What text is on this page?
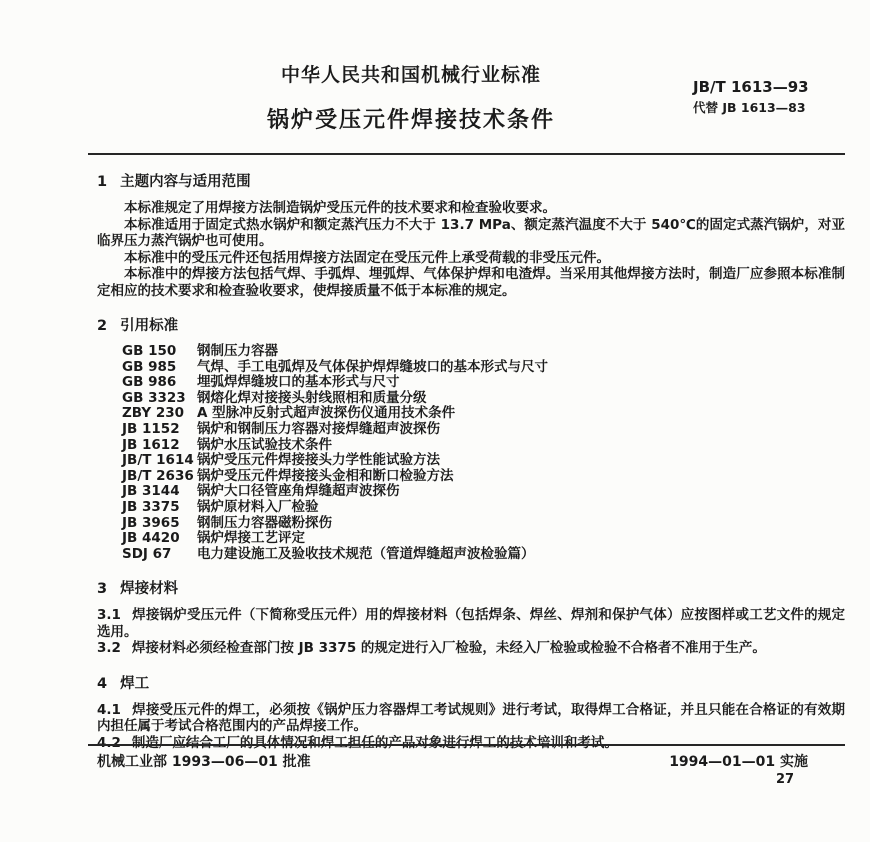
中华人民共和国机械行业标准
锅炉受压元件焊接技术条件
JB/T 1613—93
代替 JB 1613—83
1 主题内容与适用范围

本标准规定了用焊接方法制造锅炉受压元件的技术要求和检查验收要求。

本标准适用于固定式热水锅炉和额定蒸汽压力不大于 13.7 MPa、额定蒸汽温度不大于 540℃的固定式蒸汽锅炉，对亚临界压力蒸汽锅炉也可使用。

本标准中的受压元件还包括用焊接方法固定在受压元件上承受荷载的非受压元件。

本标准中的焊接方法包括气焊、手弧焊、埋弧焊、气体保护焊和电渣焊。当采用其他焊接方法时，制造厂应参照本标准制定相应的技术要求和检查验收要求，使焊接质量不低于本标准的规定。

2 引用标准
GB 150 钢制压力容器
GB 985 气焊、手工电弧焊及气体保护焊焊缝坡口的基本形式与尺寸
GB 986 埋弧焊焊缝坡口的基本形式与尺寸
GB 3323 钢熔化焊对接接头射线照相和质量分级
ZBY 230 A 型脉冲反射式超声波探伤仪通用技术条件
JB 1152 锅炉和钢制压力容器对接焊缝超声波探伤
JB 1612 锅炉水压试验技术条件
JB/T 1614 锅炉受压元件焊接接头力学性能试验方法
JB/T 2636 锅炉受压元件焊接接头金相和断口检验方法
JB 3144 锅炉大口径管座角焊缝超声波探伤
JB 3375 锅炉原材料入厂检验
JB 3965 钢制压力容器磁粉探伤
JB 4420 锅炉焊接工艺评定
SDJ 67 电力建设施工及验收技术规范（管道焊缝超声波检验篇）
3 焊接材料

3.1 焊接锅炉受压元件（下简称受压元件）用的焊接材料（包括焊条、焊丝、焊剂和保护气体）应按图样或工艺文件的规定选用。

3.2 焊接材料必须经检查部门按 JB 3375 的规定进行入厂检验，未经入厂检验或检验不合格者不准用于生产。

4 焊工

4.1 焊接受压元件的焊工，必须按《锅炉压力容器焊工考试规则》进行考试，取得焊工合格证，并且只能在合格证的有效期内担任属于考试合格范围内的产品焊接工作。

4.2 制造厂应结合工厂的具体情况和焊工担任的产品对象进行焊工的技术培训和考试。

机械工业部 1993—06—01 批准	1994—01—01 实施
27
